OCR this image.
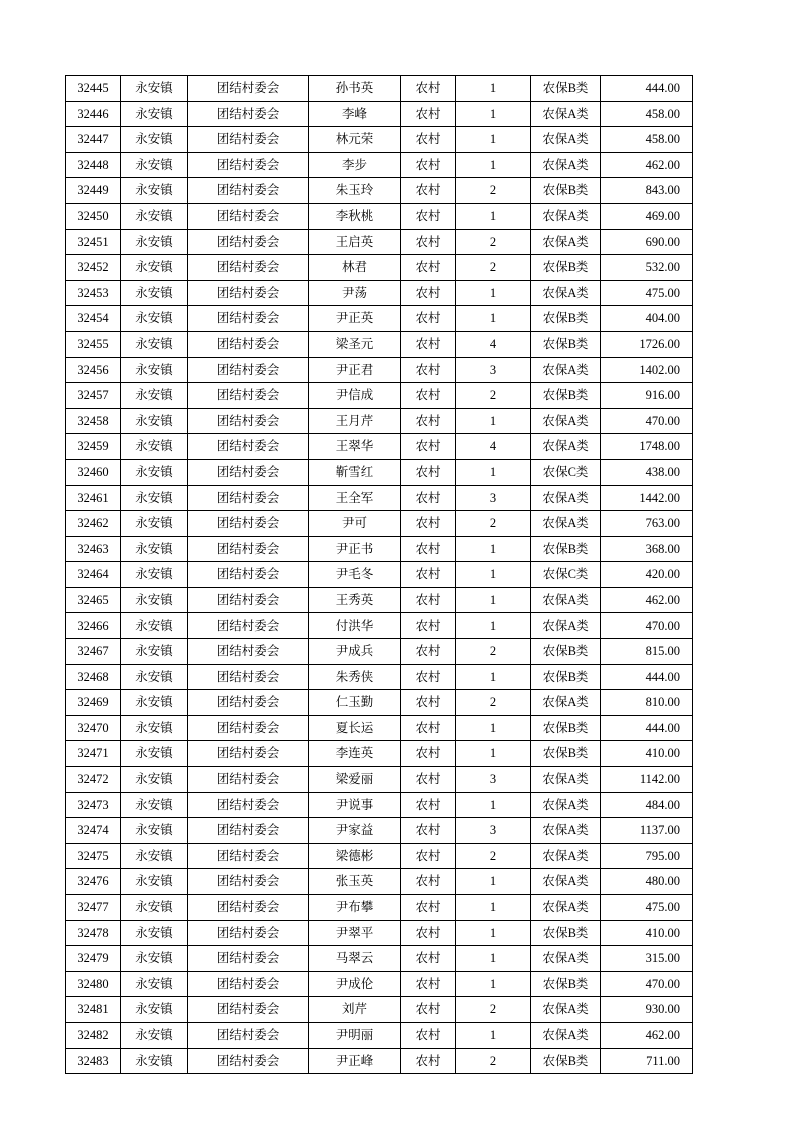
32445	永安镇	团结村委会	孙书英	农村	1	农保B类	444.00
32446	永安镇	团结村委会	李峰	农村	1	农保A类	458.00
32447	永安镇	团结村委会	林元荣	农村	1	农保A类	458.00
32448	永安镇	团结村委会	李步	农村	1	农保A类	462.00
32449	永安镇	团结村委会	朱玉玲	农村	2	农保B类	843.00
32450	永安镇	团结村委会	李秋桃	农村	1	农保A类	469.00
32451	永安镇	团结村委会	王启英	农村	2	农保A类	690.00
32452	永安镇	团结村委会	林君	农村	2	农保B类	532.00
32453	永安镇	团结村委会	尹荡	农村	1	农保A类	475.00
32454	永安镇	团结村委会	尹正英	农村	1	农保B类	404.00
32455	永安镇	团结村委会	梁圣元	农村	4	农保B类	1726.00
32456	永安镇	团结村委会	尹正君	农村	3	农保A类	1402.00
32457	永安镇	团结村委会	尹信成	农村	2	农保B类	916.00
32458	永安镇	团结村委会	王月芹	农村	1	农保A类	470.00
32459	永安镇	团结村委会	王翠华	农村	4	农保A类	1748.00
32460	永安镇	团结村委会	靳雪红	农村	1	农保C类	438.00
32461	永安镇	团结村委会	王全军	农村	3	农保A类	1442.00
32462	永安镇	团结村委会	尹可	农村	2	农保A类	763.00
32463	永安镇	团结村委会	尹正书	农村	1	农保B类	368.00
32464	永安镇	团结村委会	尹毛冬	农村	1	农保C类	420.00
32465	永安镇	团结村委会	王秀英	农村	1	农保A类	462.00
32466	永安镇	团结村委会	付洪华	农村	1	农保A类	470.00
32467	永安镇	团结村委会	尹成兵	农村	2	农保B类	815.00
32468	永安镇	团结村委会	朱秀侠	农村	1	农保B类	444.00
32469	永安镇	团结村委会	仁玉勤	农村	2	农保A类	810.00
32470	永安镇	团结村委会	夏长运	农村	1	农保B类	444.00
32471	永安镇	团结村委会	李连英	农村	1	农保B类	410.00
32472	永安镇	团结村委会	梁爱丽	农村	3	农保A类	1142.00
32473	永安镇	团结村委会	尹说事	农村	1	农保A类	484.00
32474	永安镇	团结村委会	尹家益	农村	3	农保A类	1137.00
32475	永安镇	团结村委会	梁德彬	农村	2	农保A类	795.00
32476	永安镇	团结村委会	张玉英	农村	1	农保A类	480.00
32477	永安镇	团结村委会	尹布攀	农村	1	农保A类	475.00
32478	永安镇	团结村委会	尹翠平	农村	1	农保B类	410.00
32479	永安镇	团结村委会	马翠云	农村	1	农保A类	315.00
32480	永安镇	团结村委会	尹成伦	农村	1	农保B类	470.00
32481	永安镇	团结村委会	刘芹	农村	2	农保A类	930.00
32482	永安镇	团结村委会	尹明丽	农村	1	农保A类	462.00
32483	永安镇	团结村委会	尹正峰	农村	2	农保B类	711.00
